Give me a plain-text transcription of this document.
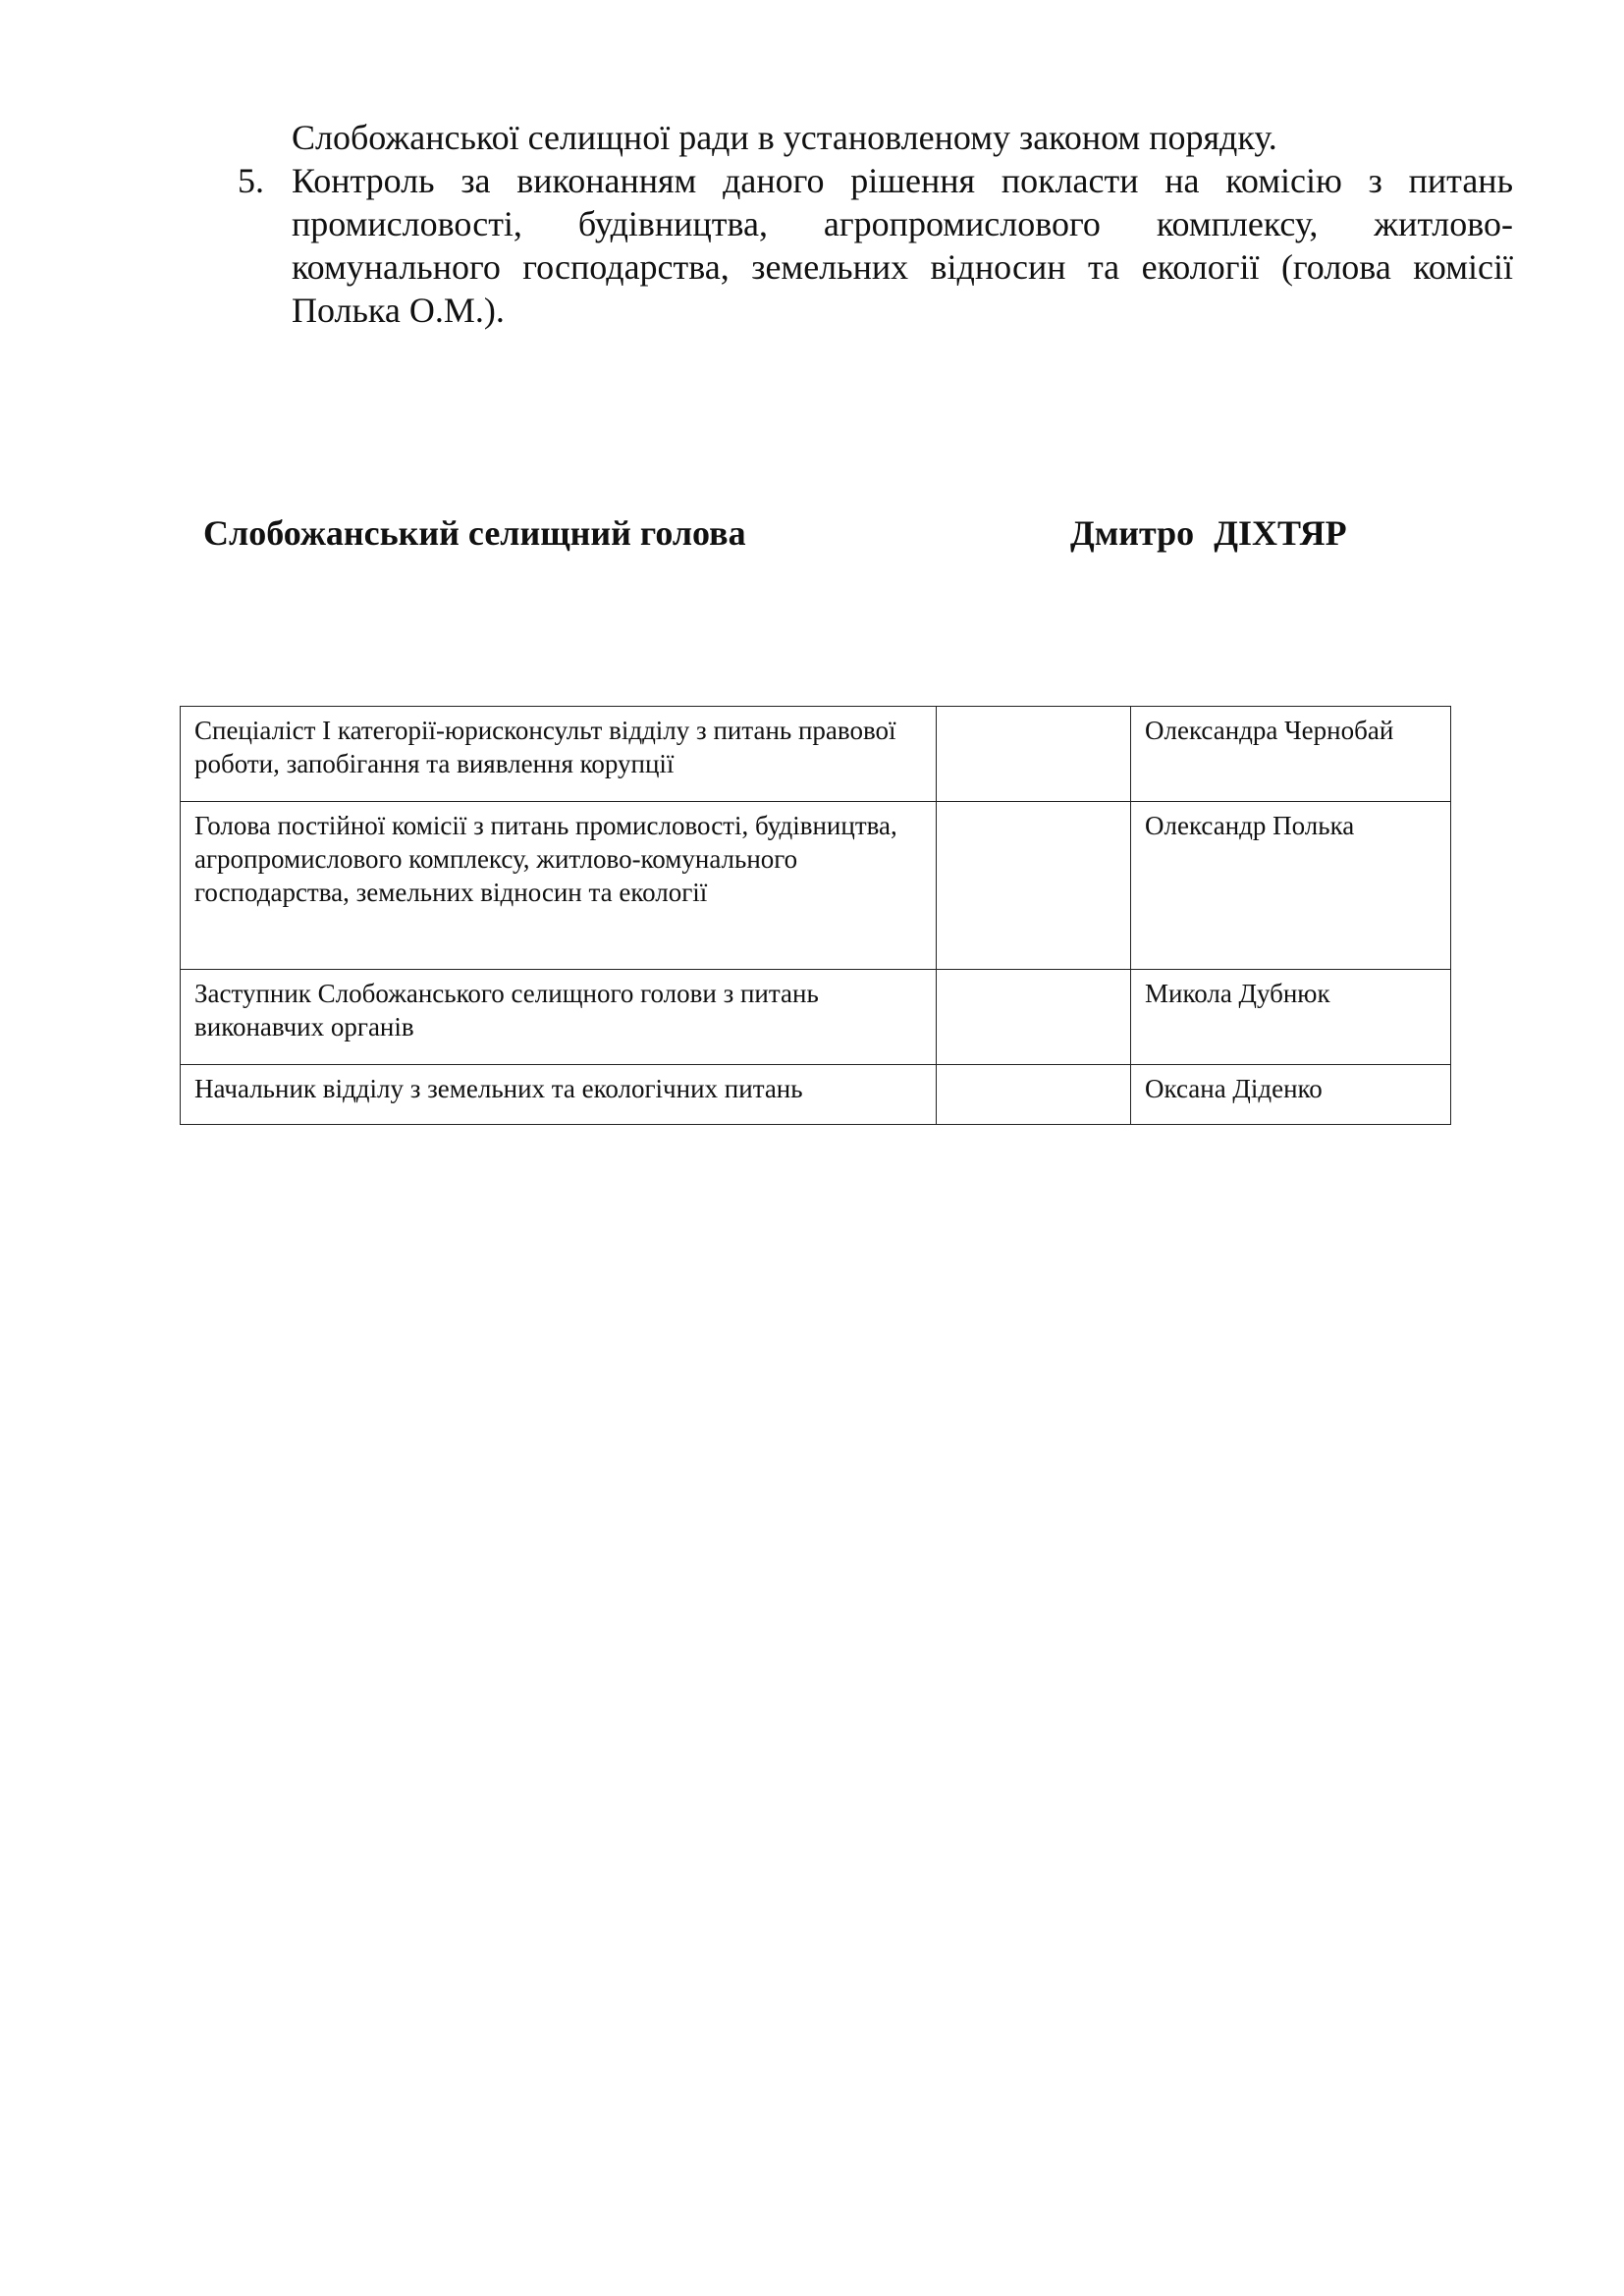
Слобожанської селищної ради в установленому законом порядку.
5. Контроль за виконанням даного рішення покласти на комісію з питань промисловості, будівництва, агропромислового комплексу, житлово-комунального господарства, земельних відносин та екології (голова комісії Полька О.М.).
Слобожанський селищний голова	Дмитро ДІХТЯР
Спеціаліст І категорії-юрисконсульт відділу з питань правової роботи, запобігання та виявлення корупції		Олександра Чернобай
Голова постійної комісії з питань промисловості, будівництва, агропромислового комплексу, житлово-комунального господарства, земельних відносин та екології		Олександр Полька
Заступник Слобожанського селищного голови з питань виконавчих органів		Микола Дубнюк
Начальник відділу з земельних та екологічних питань		Оксана Діденко
